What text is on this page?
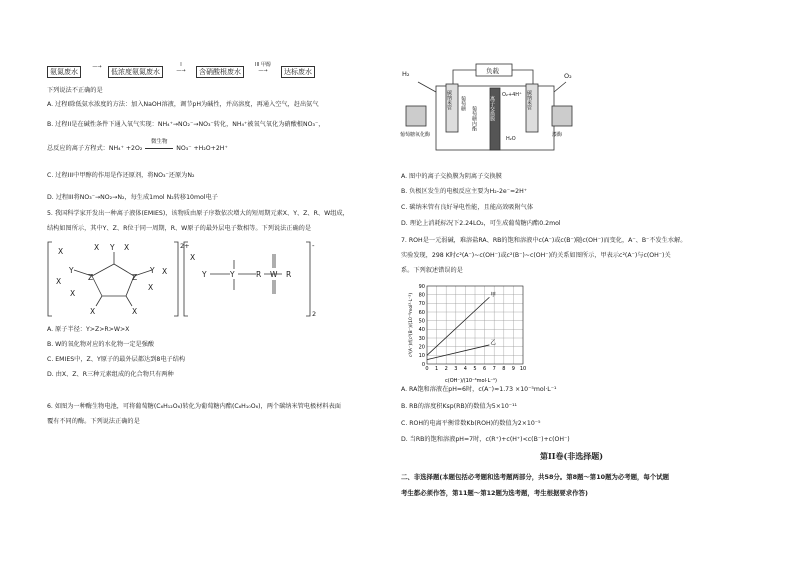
氨氮废水
—→
低浓度氨氮废水
I
—→	含硝酸根废水
III 甲醇
—→	达标废水
下列说法不正确的是
A. 过程I除低氨水浓度的方法：加入NaOH溶液，调节pH为碱性，并高溶度，再通入空气，赶出氨气
B. 过程II是在碱性条件下通入氧气实现：NH₄⁺→NO₂⁻→NO₃⁻转化，NH₄⁺被氧气氧化为硝酸根NO₃⁻，
总反应的离子方程式：NH₄⁺ +2O₂
微生物
NO₃⁻ +H₂O+2H⁺
C. 过程III中甲醇的作用是作还原剂，将NO₃⁻还原为N₂
D. 过程III将NO₃⁻→NO₂→N₂，每生成1mol N₂转移10mol电子
5. 我国科学家开发出一种离子液体(EMIES)，该物质由原子序数依次增大的短周期元素X、Y、Z、R、W组成，
结构如图所示，其中Y、Z、R位于同一周期，R、W原子的最外层电子数相等。下列说法正确的是
X
X
Y
Y
X	X
Z	Z
Y X
X
X
X	X
Y	Y
X
R W R
2+	-
2
A. 原子半径：Y>Z>R>W>X
B. W的氧化物对应的水化物一定是强酸
C. EMIES中，Z、Y原子的最外层都达到8电子结构
D. 由X、Z、R三种元素组成的化合物只有两种
6. 如图为一种酶生物电池，可将葡萄糖(C₆H₁₂O₆)转化为葡萄糖内酯(C₆H₁₀O₆)，两个碳纳米管电极材料表面
覆有不同的酶。下列说法正确的是
负载
H₂	O₂
离子交换膜
碳纳米管	碳纳米管
葡萄糖
葡萄糖内酯
O₂+4H⁺
H₂O
葡萄糖氧化酶	漆酶
A. 图中的离子交换膜为阴离子交换膜
B. 负极区发生的电极反应主要为H₂-2e⁻=2H⁺
C. 碳纳米管有良好导电性能，且能高效吸附气体
D. 理论上消耗标况下2.24LO₂，可生成葡萄糖内酯0.2mol
7. ROH是一元弱碱，难溶盐RA、RB的饱和溶液中c(A⁻)或c(B⁻)随c(OH⁻)而变化，A⁻、B⁻不发生水解。
实验发现，298 K时c²(A⁻)~c(OH⁻)或c²(B⁻)~c(OH⁻)的关系如图所示，甲表示c²(A⁻)与c(OH⁻)关
系。下列叙述错误的是
0 1 2 3 4 5 6 7 8 9 10
0
10
20
30
40
50
60
70
80
90
甲
乙
c(OH⁻)/(10⁻⁴mol·L⁻¹)
c²(A⁻)或c²(B⁻)/(10⁻⁸mol²·L⁻²)
A. RA饱和溶液在pH=6时，c(A⁻)≈1.73 ×10⁻⁵mol·L⁻¹
B. RB的溶度积Ksp(RB)的数值为5×10⁻¹¹
C. ROH的电离平衡常数Kb(ROH)的数值为2×10⁻⁵
D. 当RB的饱和溶液pH=7时，c(R⁺)+c(H⁺)<c(B⁻)+c(OH⁻)
第II卷(非选择题)
二、非选择题(本题包括必考题和选考题两部分，共58分。第8题～第10题为必考题，每个试题
考生都必须作答，第11题～第12题为选考题，考生根据要求作答)
